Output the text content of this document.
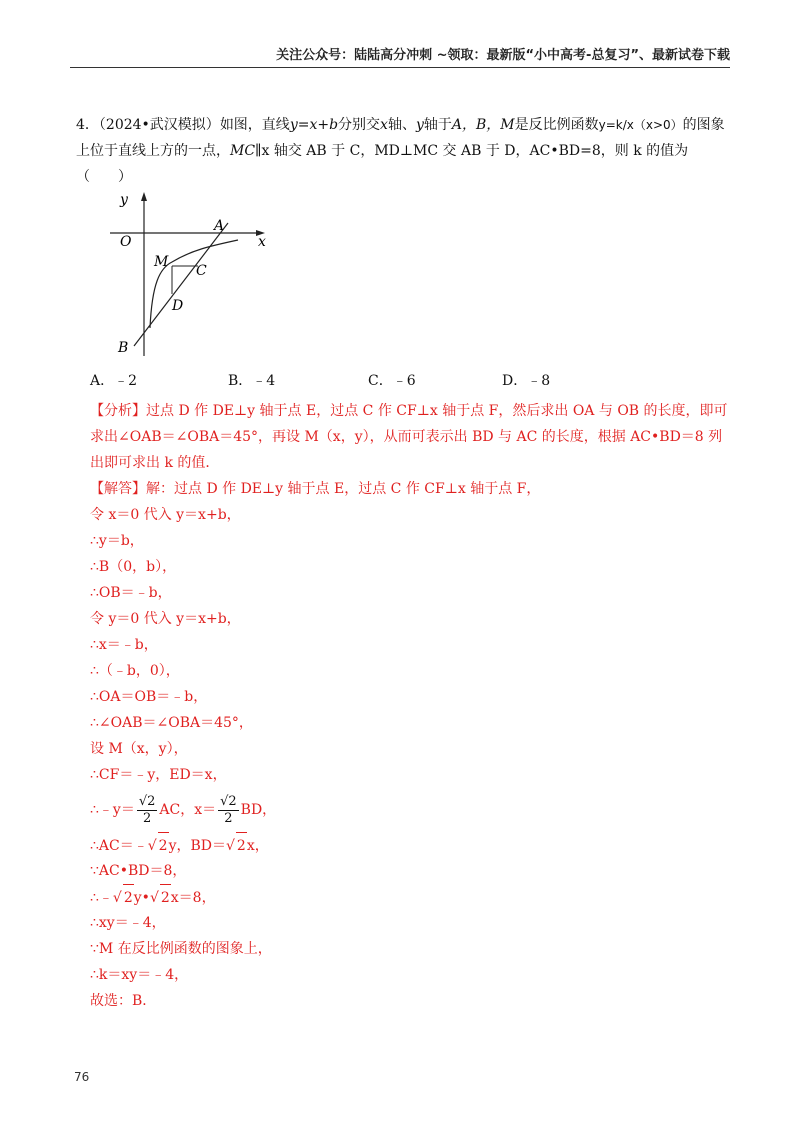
关注公众号：陆陆高分冲刺 ~领取：最新版“小中高考-总复习”、最新试卷下载
4．（2024•武汉模拟）如图，直线y=x+b分别交x轴、y轴于A，B，M是反比例函数y=k/x（x>0）的图象上位于直线上方的一点，MC∥x 轴交 AB 于 C，MD⊥MC 交 AB 于 D，AC•BD=8，则 k 的值为
（　　）
y
x
O
A
M
C
D
B
A．﹣2	B．﹣4	C．﹣6	D．﹣8
【分析】过点 D 作 DE⊥y 轴于点 E，过点 C 作 CF⊥x 轴于点 F，然后求出 OA 与 OB 的长度，即可求出∠OAB＝∠OBA＝45°，再设 M（x，y），从而可表示出 BD 与 AC 的长度，根据 AC•BD＝8 列出即可求出 k 的值．
【解答】解：过点 D 作 DE⊥y 轴于点 E，过点 C 作 CF⊥x 轴于点 F，
令 x＝0 代入 y＝x+b，
∴y＝b，
∴B（0，b），
∴OB＝﹣b，
令 y＝0 代入 y＝x+b，
∴x＝﹣b，
∴（﹣b，0），
∴OA＝OB＝﹣b，
∴∠OAB＝∠OBA＝45°，
设 M（x，y），
∴CF＝﹣y，ED＝x，
∴﹣y＝ $\frac{√2}{2}$ AC，$x= \frac{√2}{2}$ BD，
∴AC＝﹣√ 2y，BD＝√ 2x，
∵AC•BD＝8，
∴﹣√ 2y•√ 2x＝8，
∴xy＝﹣4，
∵M 在反比例函数的图象上，
∴k＝xy＝﹣4，
故选：B．
76
